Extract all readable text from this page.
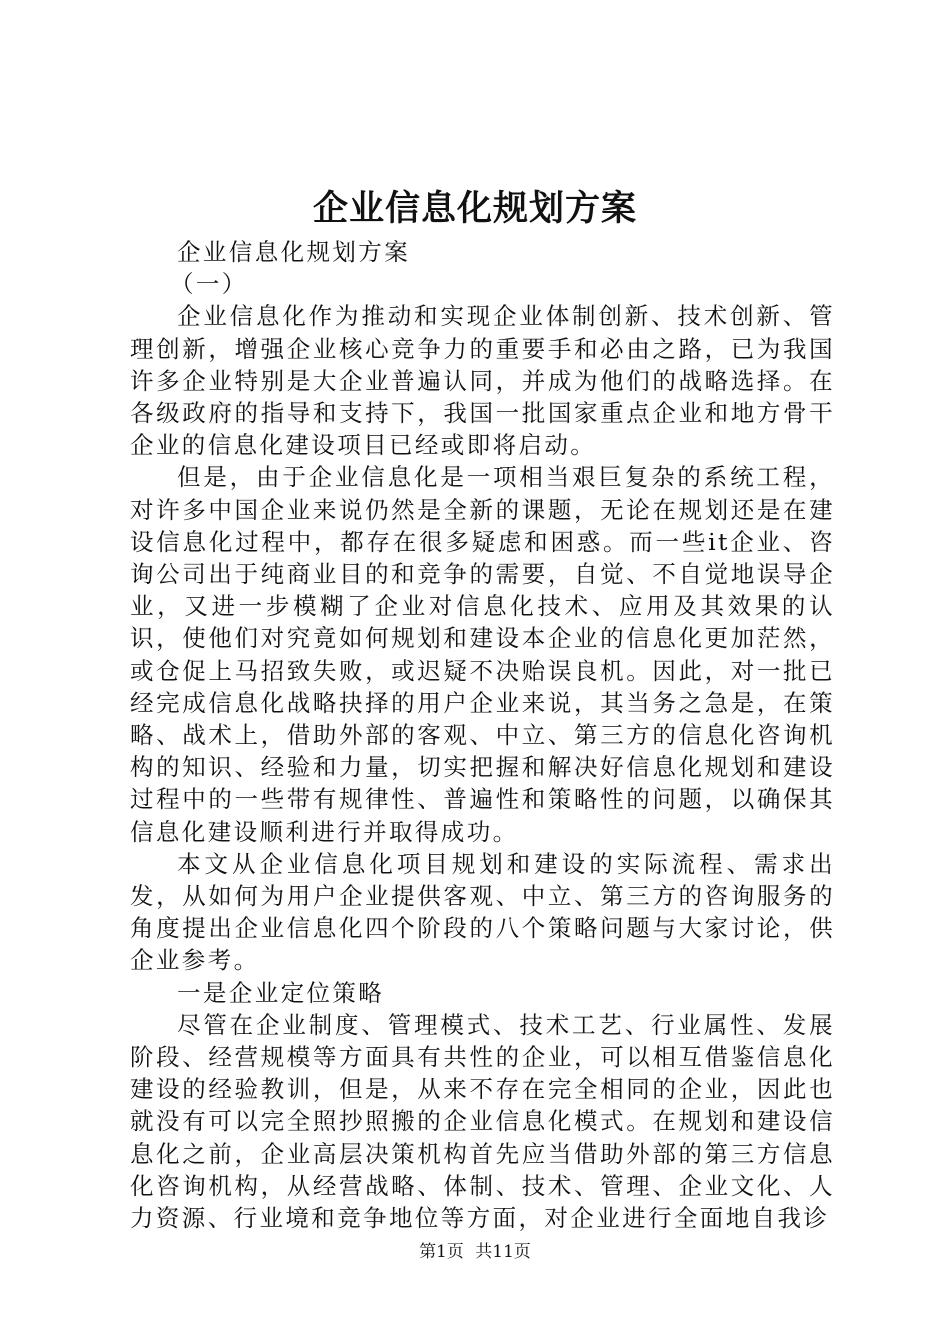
企业信息化规划方案

企业信息化规划方案

（一）

企业信息化作为推动和实现企业体制创新、技术创新、管理创新，增强企业核心竞争力的重要手和必由之路，已为我国许多企业特别是大企业普遍认同，并成为他们的战略选择。在各级政府的指导和支持下，我国一批国家重点企业和地方骨干企业的信息化建设项目已经或即将启动。

但是，由于企业信息化是一项相当艰巨复杂的系统工程，对许多中国企业来说仍然是全新的课题，无论在规划还是在建设信息化过程中，都存在很多疑虑和困惑。而一些it企业、咨询公司出于纯商业目的和竞争的需要，自觉、不自觉地误导企业，又进一步模糊了企业对信息化技术、应用及其效果的认识，使他们对究竟如何规划和建设本企业的信息化更加茫然，或仓促上马招致失败，或迟疑不决贻误良机。因此，对一批已经完成信息化战略抉择的用户企业来说，其当务之急是，在策略、战术上，借助外部的客观、中立、第三方的信息化咨询机构的知识、经验和力量，切实把握和解决好信息化规划和建设过程中的一些带有规律性、普遍性和策略性的问题，以确保其信息化建设顺利进行并取得成功。

本文从企业信息化项目规划和建设的实际流程、需求出发，从如何为用户企业提供客观、中立、第三方的咨询服务的角度提出企业信息化四个阶段的八个策略问题与大家讨论，供企业参考。

一是企业定位策略

尽管在企业制度、管理模式、技术工艺、行业属性、发展阶段、经营规模等方面具有共性的企业，可以相互借鉴信息化建设的经验教训，但是，从来不存在完全相同的企业，因此也就没有可以完全照抄照搬的企业信息化模式。在规划和建设信息化之前，企业高层决策机构首先应当借助外部的第三方信息化咨询机构，从经营战略、体制、技术、管理、企业文化、人力资源、行业境和竞争地位等方面，对企业进行全面地自我诊

第1页 共11页
